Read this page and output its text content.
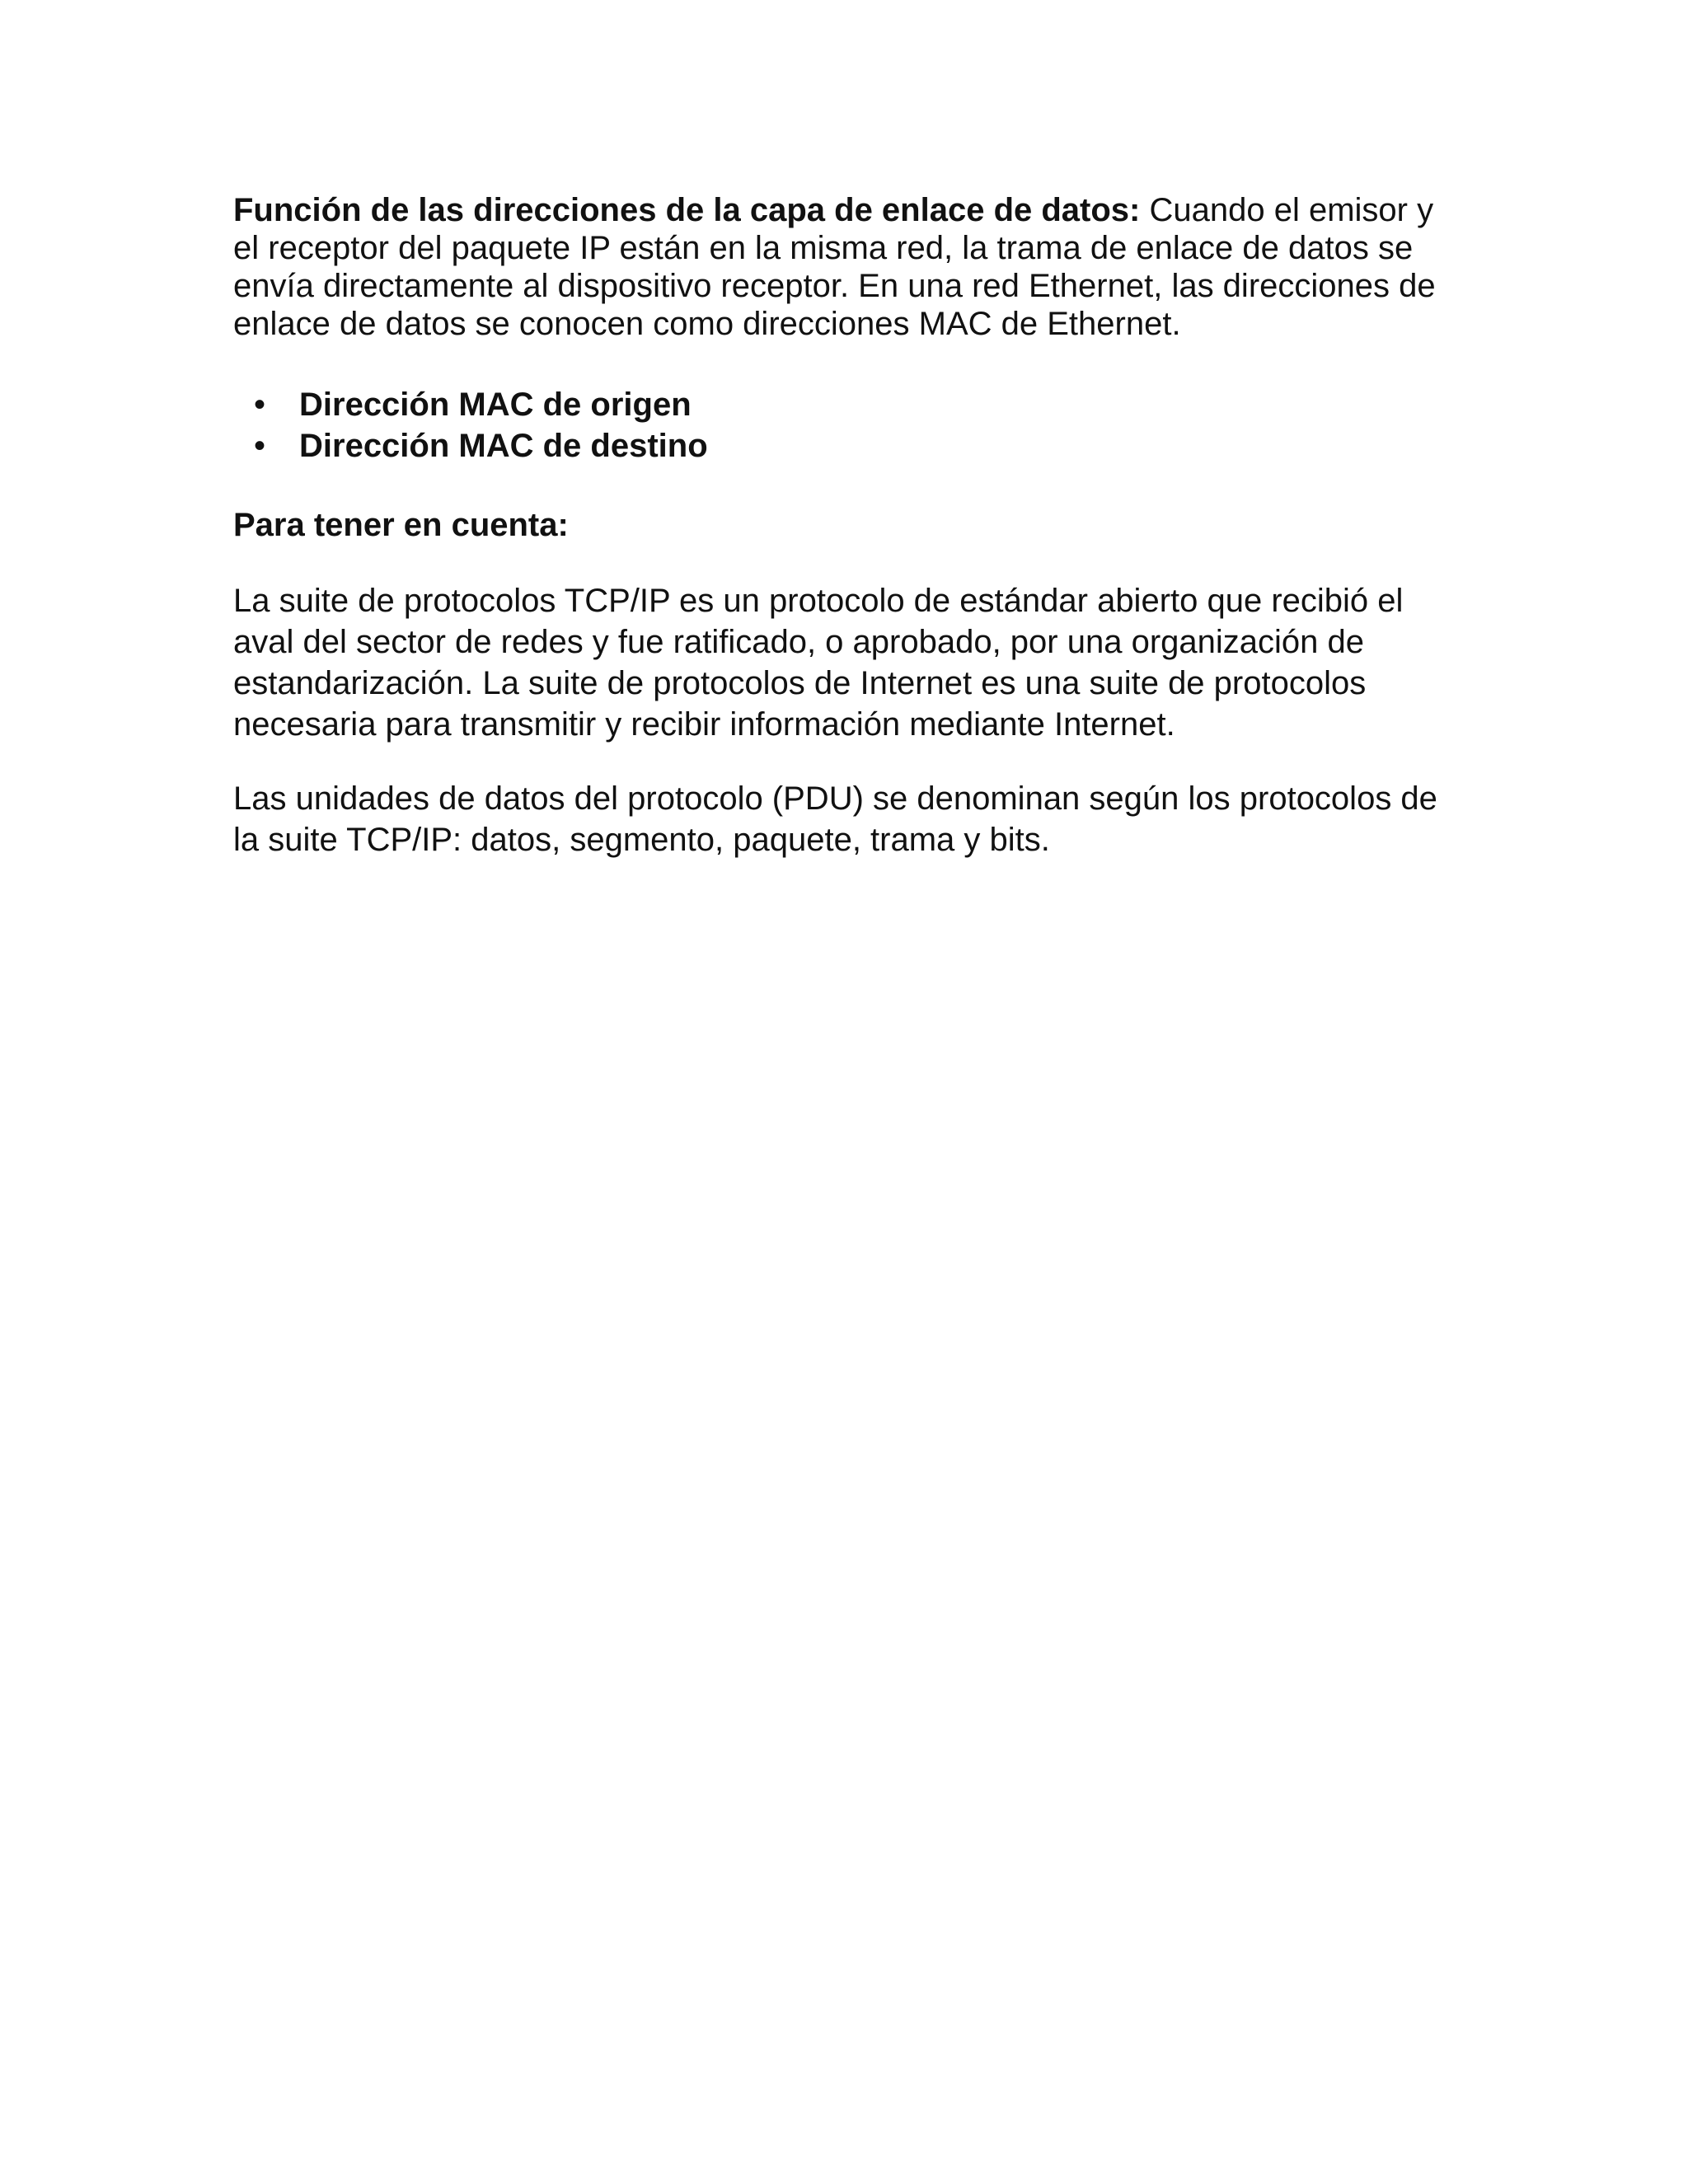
Función de las direcciones de la capa de enlace de datos: Cuando el emisor y el receptor del paquete IP están en la misma red, la trama de enlace de datos se envía directamente al dispositivo receptor. En una red Ethernet, las direcciones de enlace de datos se conocen como direcciones MAC de Ethernet.

• Dirección MAC de origen
• Dirección MAC de destino

Para tener en cuenta:

La suite de protocolos TCP/IP es un protocolo de estándar abierto que recibió el aval del sector de redes y fue ratificado, o aprobado, por una organización de estandarización. La suite de protocolos de Internet es una suite de protocolos necesaria para transmitir y recibir información mediante Internet.

Las unidades de datos del protocolo (PDU) se denominan según los protocolos de la suite TCP/IP: datos, segmento, paquete, trama y bits.
